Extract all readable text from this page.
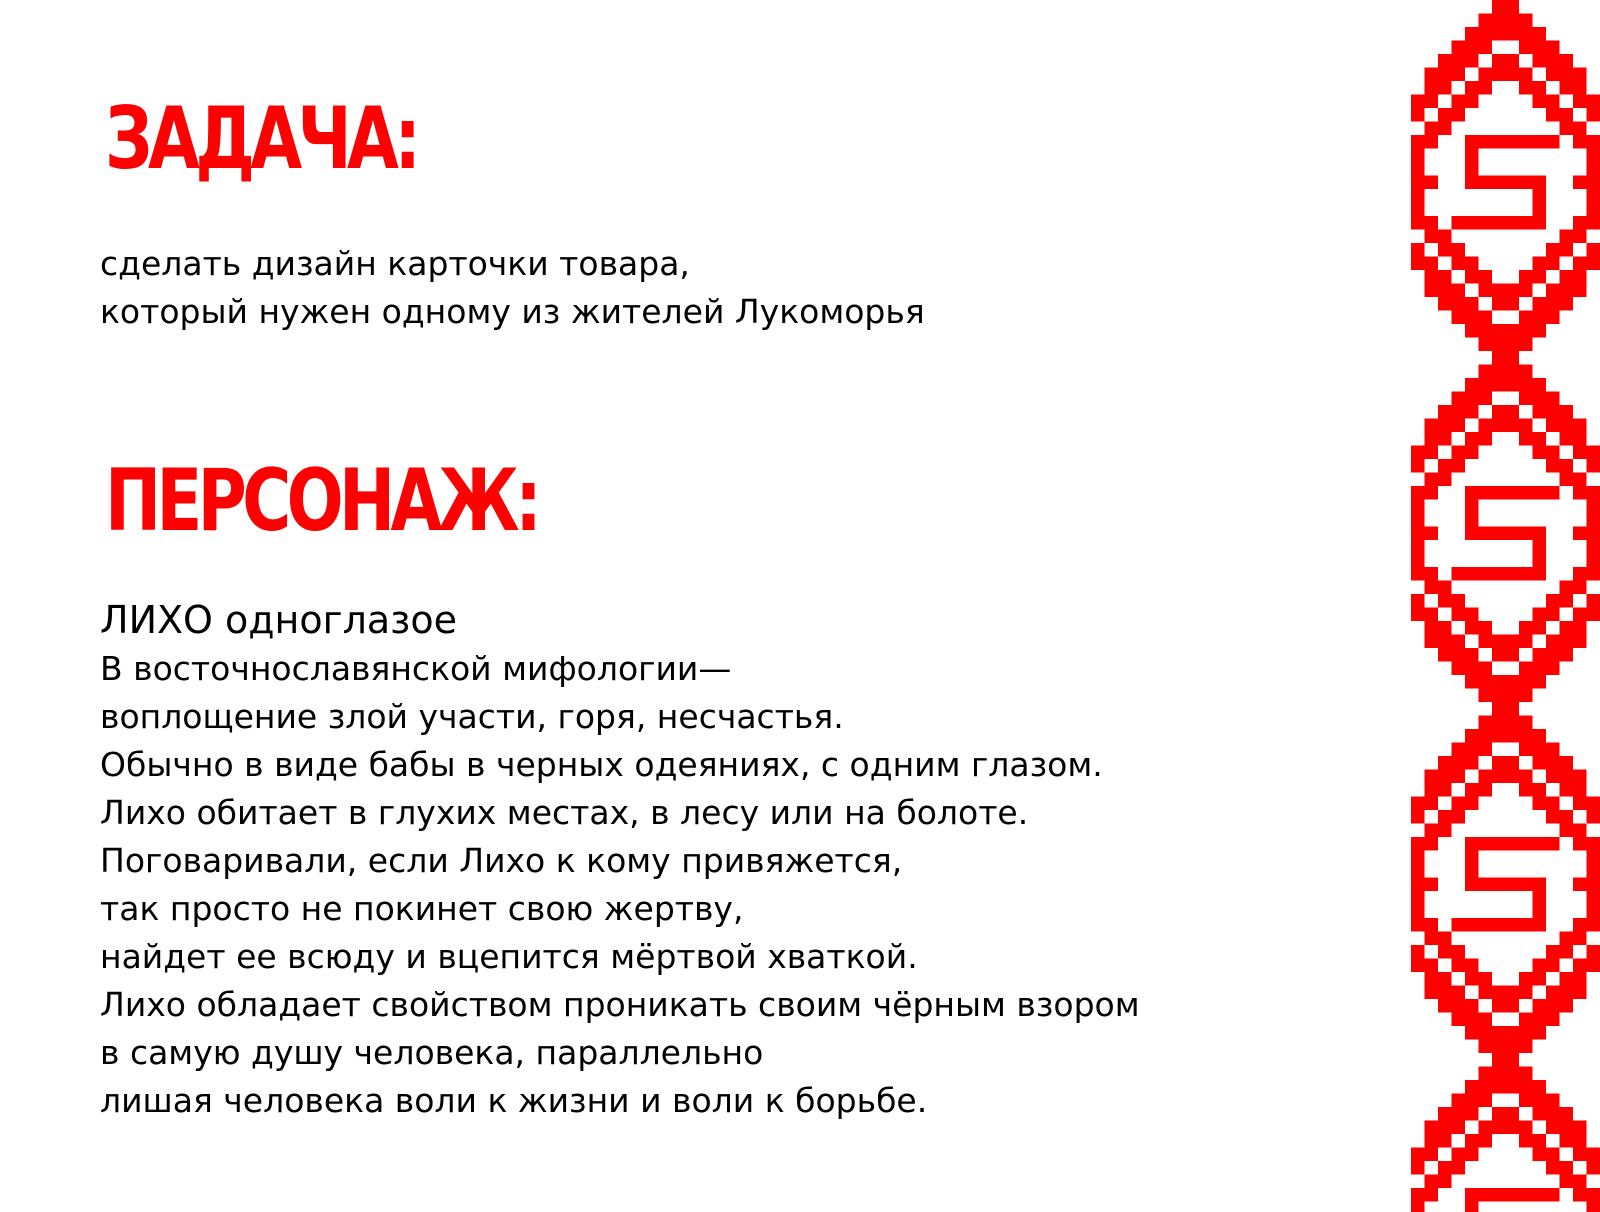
ЗАДАЧА:
сделать дизайн карточки товара,
который нужен одному из жителей Лукоморья
ПЕРСОНАЖ:
ЛИХО одноглазое
В восточнославянской мифологии—
воплощение злой участи, горя, несчастья.
Обычно в виде бабы в черных одеяниях, с одним глазом.
Лихо обитает в глухих местах, в лесу или на болоте.
Поговаривали, если Лихо к кому привяжется,
так просто не покинет свою жертву,
найдет ее всюду и вцепится мёртвой хваткой.
Лихо обладает свойством проникать своим чёрным взором
в самую душу человека, параллельно
лишая человека воли к жизни и воли к борьбе.
